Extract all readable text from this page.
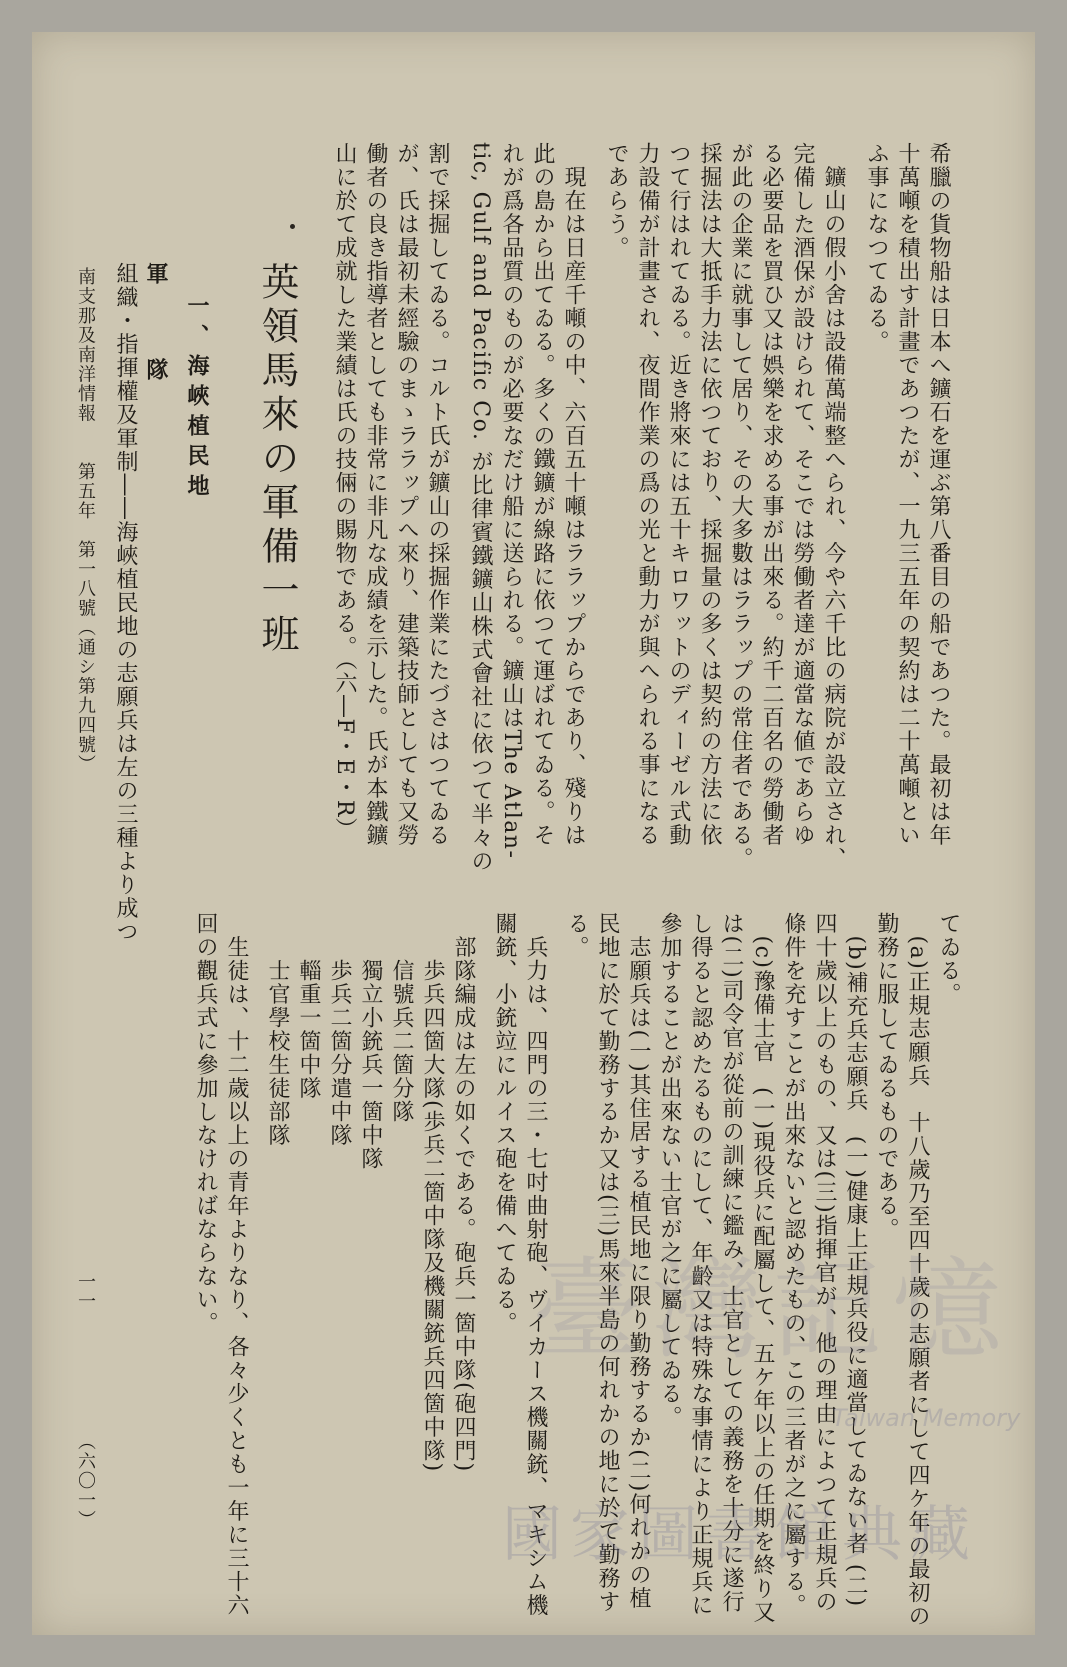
希臘の貨物船は日本へ鑛石を運ぶ第八番目の船であつた。最初は年
十萬噸を積出す計畫であつたが、一九三五年の契約は二十萬噸とい
ふ事になつてゐる。
　鑛山の假小舍は設備萬端整へられ、今や六千比の病院が設立され、
完備した酒保が設けられて、そこでは勞働者達が適當な値であらゆ
る必要品を買ひ又は娯樂を求める事が出來る。約千二百名の勞働者
が此の企業に就事して居り、その大多數はララップの常住者である。
採掘法は大抵手力法に依つており、採掘量の多くは契約の方法に依
つて行はれてゐる。近き將來には五十キロワットのディーゼル式動
力設備が計畫され、夜間作業の爲の光と動力が與へられる事になる
であらう。
　現在は日産千噸の中、六百五十噸はララップからであり、殘りは
此の島から出てゐる。多くの鐵鑛が線路に依つて運ばれてゐる。そ
れが爲各品質のものが必要なだけ船に送られる。鑛山はThe Atlan-
tic, Gulf and Pacific Co. が比律賓鐵鑛山株式會社に依つて半々の
割で採掘してゐる。コルト氏が鑛山の採掘作業にたづさはつてゐる
が、氏は最初未經驗のまゝララップへ來り、建築技師としても又勞
働者の良き指導者としても非常に非凡な成績を示した。氏が本鐵鑛
山に於て成就した業績は氏の技倆の賜物である。（六―F・E・R）
英領馬來の軍備一班
一、海峽植民地
軍　　隊
組織・指揮權及軍制――海峽植民地の志願兵は左の三種より成つ
てゐる。
　(a)正規志願兵　十八歲乃至四十歲の志願者にして四ケ年の最初の
勤務に服してゐるものである。
　(b)補充兵志願兵　(一)健康上正規兵役に適當してゐない者 (二)
四十歲以上のもの、又は(三)指揮官が、他の理由によつて正規兵の
條件を充すことが出來ないと認めたもの、この三者が之に屬する。
　(c)豫備士官　(一)現役兵に配屬して、五ケ年以上の任期を終り又
は(二)司令官が從前の訓練に鑑み、士官としての義務を十分に遂行
し得ると認めたるものにして、年齡又は特殊な事情により正規兵に
參加することが出來ない士官が之に屬してゐる。
　志願兵は(一)其住居する植民地に限り勤務するか(二)何れかの植
民地に於て勤務するか又は(三)馬來半島の何れかの地に於て勤務す
る。
　兵力は、四門の三・七吋曲射砲、ヴイカース機關銃、マキシム機
關銃、小銃竝にルイス砲を備へてゐる。
　部隊編成は左の如くである。砲兵一箇中隊(砲四門)
　　歩兵四箇大隊(歩兵二箇中隊及機關銃兵四箇中隊)
　　信號兵二箇分隊
　　獨立小銃兵一箇中隊
　　歩兵二箇分遣中隊
　　輜重一箇中隊
　　士官學校生徒部隊
　生徒は、十二歲以上の青年よりなり、各々少くとも一年に三十六
回の觀兵式に參加しなければならない。
南支那及南洋情報
第五年　第一八號（通シ第九四號）
一一
（六〇一）
臺灣記憶
Taiwan Memory
國家圖書館典藏
